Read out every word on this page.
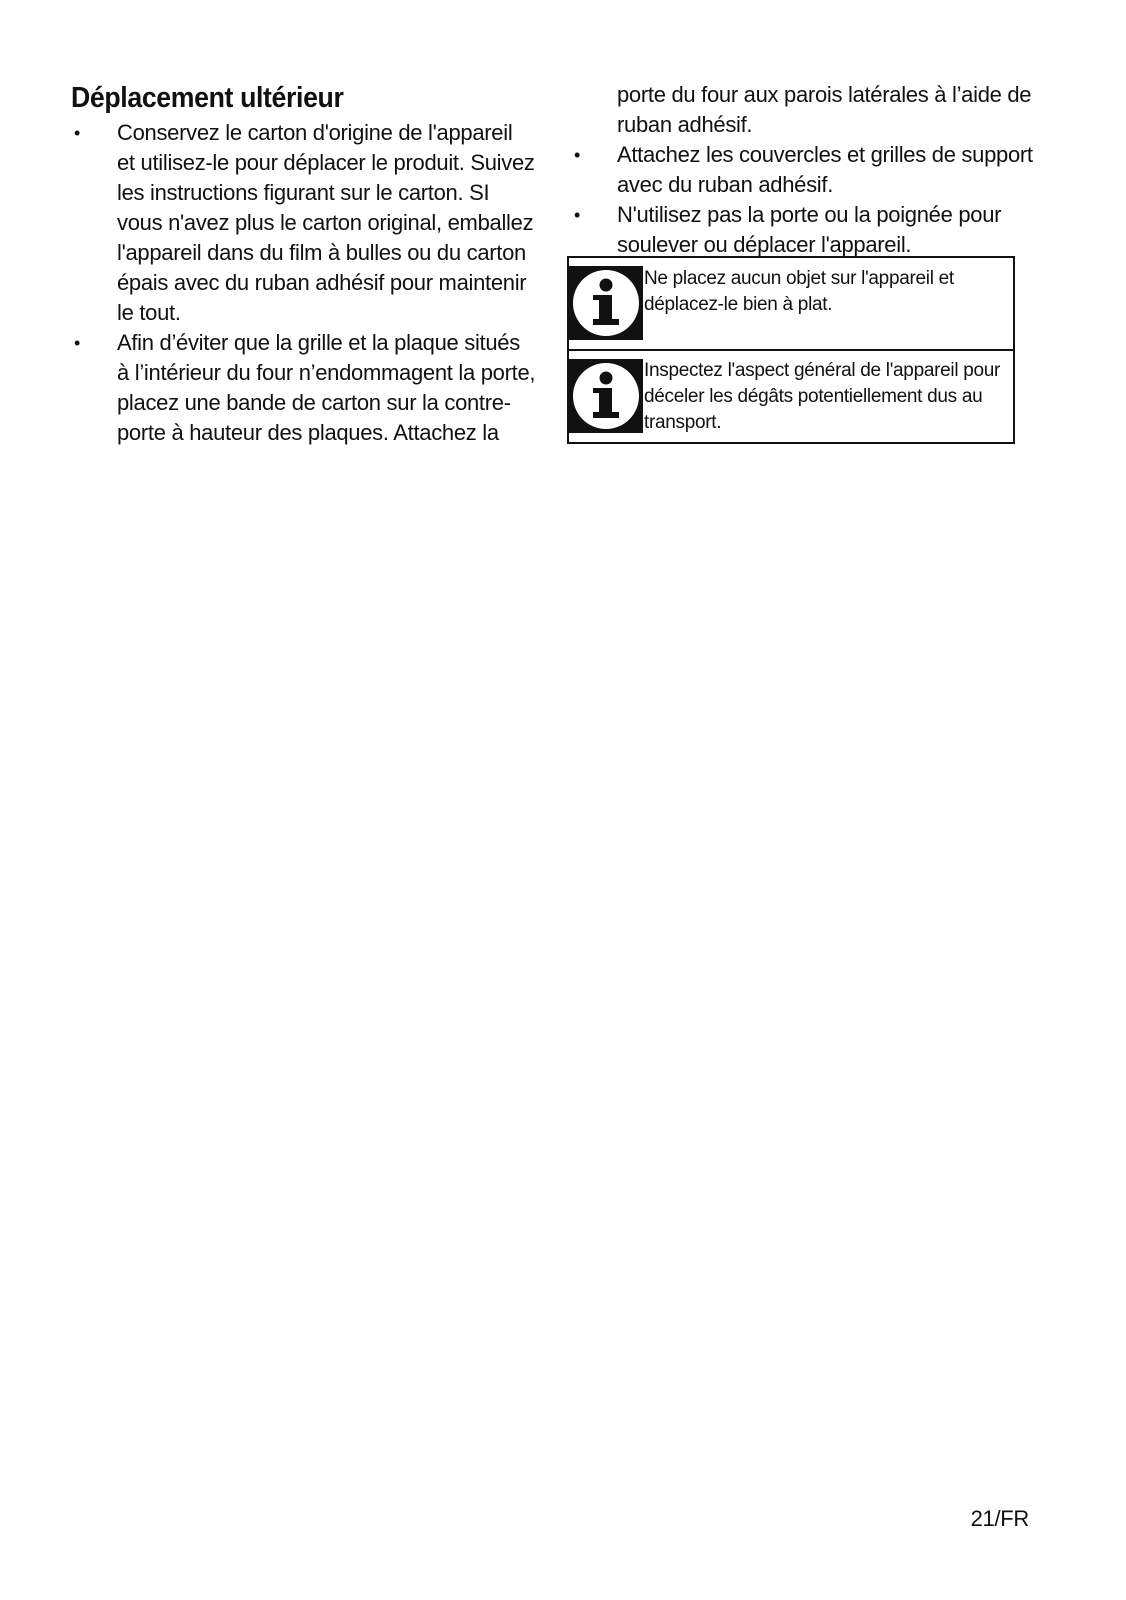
Déplacement ultérieur
• Conservez le carton d'origine de l'appareil
et utilisez-le pour déplacer le produit. Suivez
les instructions figurant sur le carton. SI
vous n'avez plus le carton original, emballez
l'appareil dans du film à bulles ou du carton
épais avec du ruban adhésif pour maintenir
le tout.
• Afin d’éviter que la grille et la plaque situés
à l’intérieur du four n’endommagent la porte,
placez une bande de carton sur la contre-
porte à hauteur des plaques. Attachez la
porte du four aux parois latérales à l’aide de
ruban adhésif.
• Attachez les couvercles et grilles de support
avec du ruban adhésif.
• N'utilisez pas la porte ou la poignée pour
soulever ou déplacer l'appareil.
Ne placez aucun objet sur l'appareil et
déplacez-le bien à plat.
Inspectez l'aspect général de l'appareil pour
déceler les dégâts potentiellement dus au
transport.
21/FR
